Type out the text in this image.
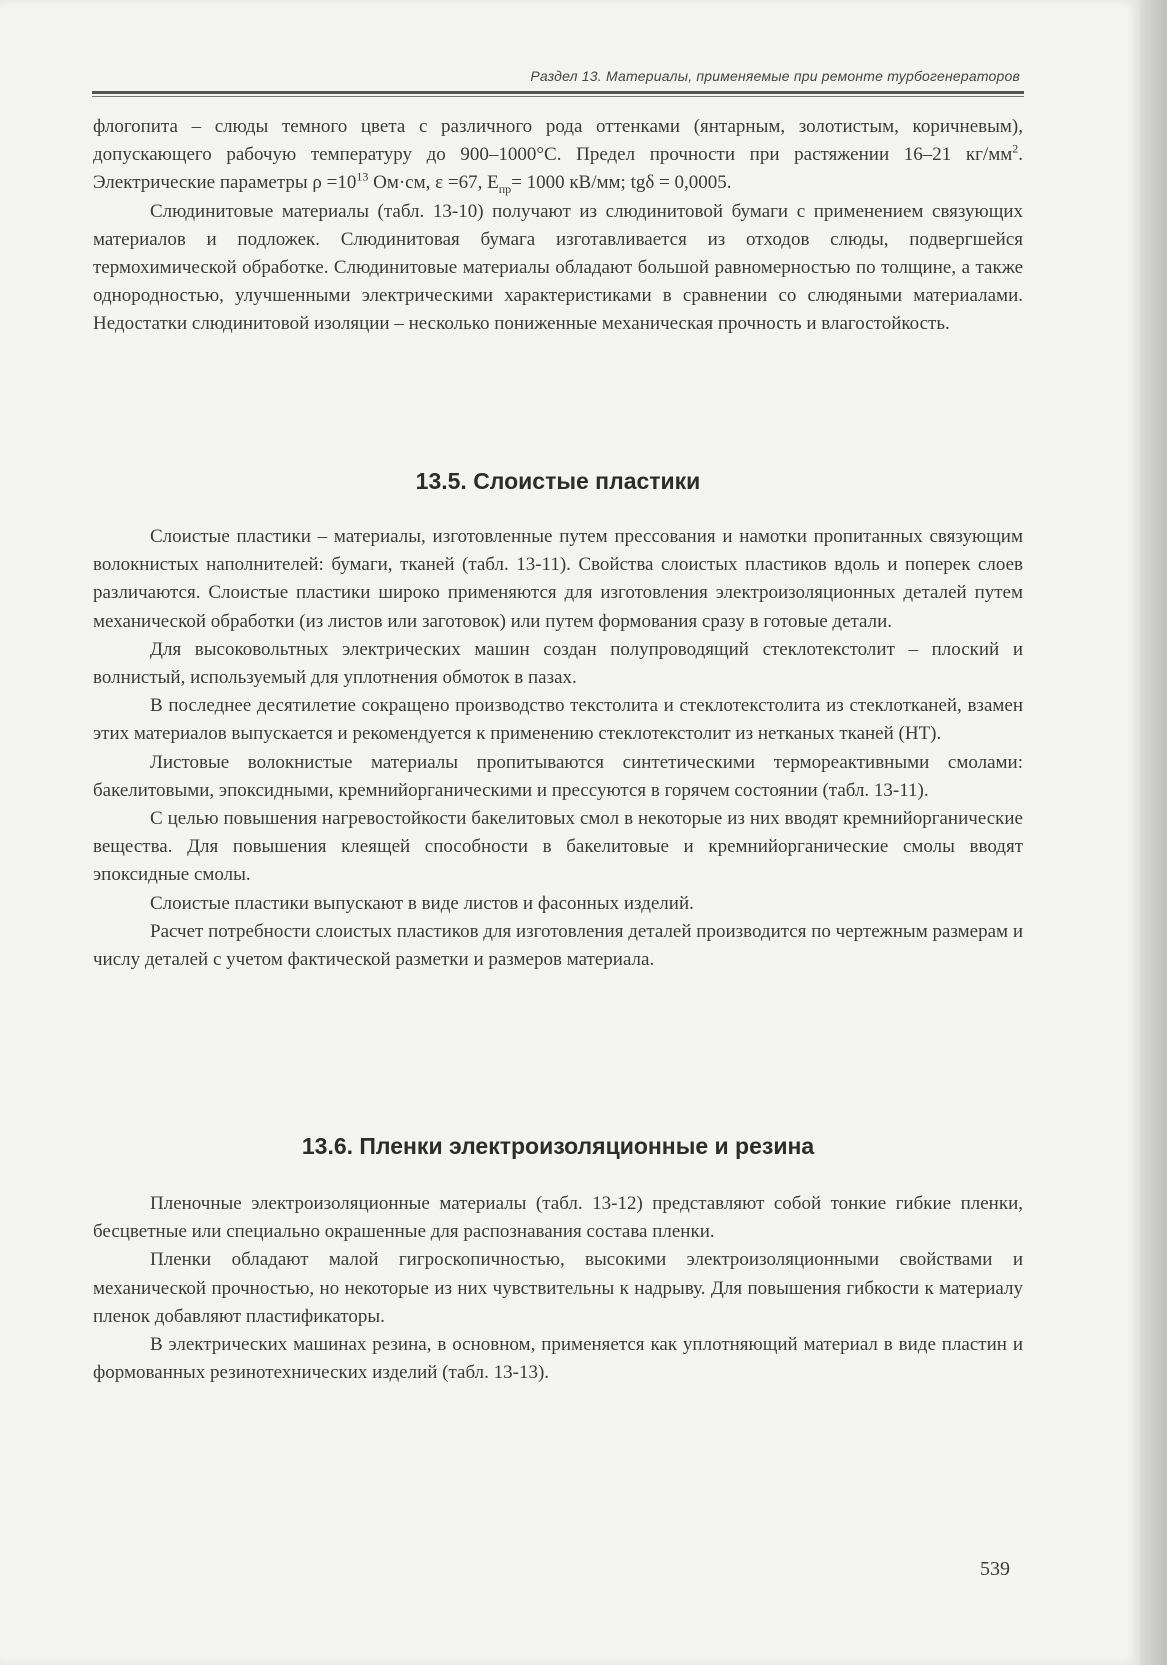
Раздел 13. Материалы, применяемые при ремонте турбогенераторов

флогопита – слюды темного цвета с различного рода оттенками (янтарным, золотистым, коричневым), допускающего рабочую температуру до 900–1000°С. Предел прочности при растяжении 16–21 $кг/мм^2$. Электрические параметры $\rho =10^{13}$ Ом·см, ε =67, $Е_{пр}= 1000$ кВ/мм; tgδ = 0,0005.

Слюдинитовые материалы (табл. 13-10) получают из слюдинитовой бумаги с применением связующих материалов и подложек. Слюдинитовая бумага изготавливается из отходов слюды, подвергшейся термохимической обработке. Слюдинитовые материалы обладают большой равномерностью по толщине, а также однородностью, улучшенными электрическими характеристиками в сравнении со слюдяными материалами. Недостатки слюдинитовой изоляции – несколько пониженные механическая прочность и влагостойкость.

13.5. Слоистые пластики

Слоистые пластики – материалы, изготовленные путем прессования и намотки пропитанных связующим волокнистых наполнителей: бумаги, тканей (табл. 13-11). Свойства слоистых пластиков вдоль и поперек слоев различаются. Слоистые пластики широко применяются для изготовления электроизоляционных деталей путем механической обработки (из листов или заготовок) или путем формования сразу в готовые детали.

Для высоковольтных электрических машин создан полупроводящий стеклотекстолит – плоский и волнистый, используемый для уплотнения обмоток в пазах.

В последнее десятилетие сокращено производство текстолита и стеклотекстолита из стеклотканей, взамен этих материалов выпускается и рекомендуется к применению стеклотекстолит из нетканых тканей (НТ).

Листовые волокнистые материалы пропитываются синтетическими термореактивными смолами: бакелитовыми, эпоксидными, кремнийорганическими и прессуются в горячем состоянии (табл. 13-11).

С целью повышения нагревостойкости бакелитовых смол в некоторые из них вводят кремнийорганические вещества. Для повышения клеящей способности в бакелитовые и кремнийорганические смолы вводят эпоксидные смолы.

Слоистые пластики выпускают в виде листов и фасонных изделий.

Расчет потребности слоистых пластиков для изготовления деталей производится по чертежным размерам и числу деталей с учетом фактической разметки и размеров материала.

13.6. Пленки электроизоляционные и резина

Пленочные электроизоляционные материалы (табл. 13-12) представляют собой тонкие гибкие пленки, бесцветные или специально окрашенные для распознавания состава пленки.

Пленки обладают малой гигроскопичностью, высокими электроизоляционными свойствами и механической прочностью, но некоторые из них чувствительны к надрыву. Для повышения гибкости к материалу пленок добавляют пластификаторы.

В электрических машинах резина, в основном, применяется как уплотняющий материал в виде пластин и формованных резинотехнических изделий (табл. 13-13).

539
